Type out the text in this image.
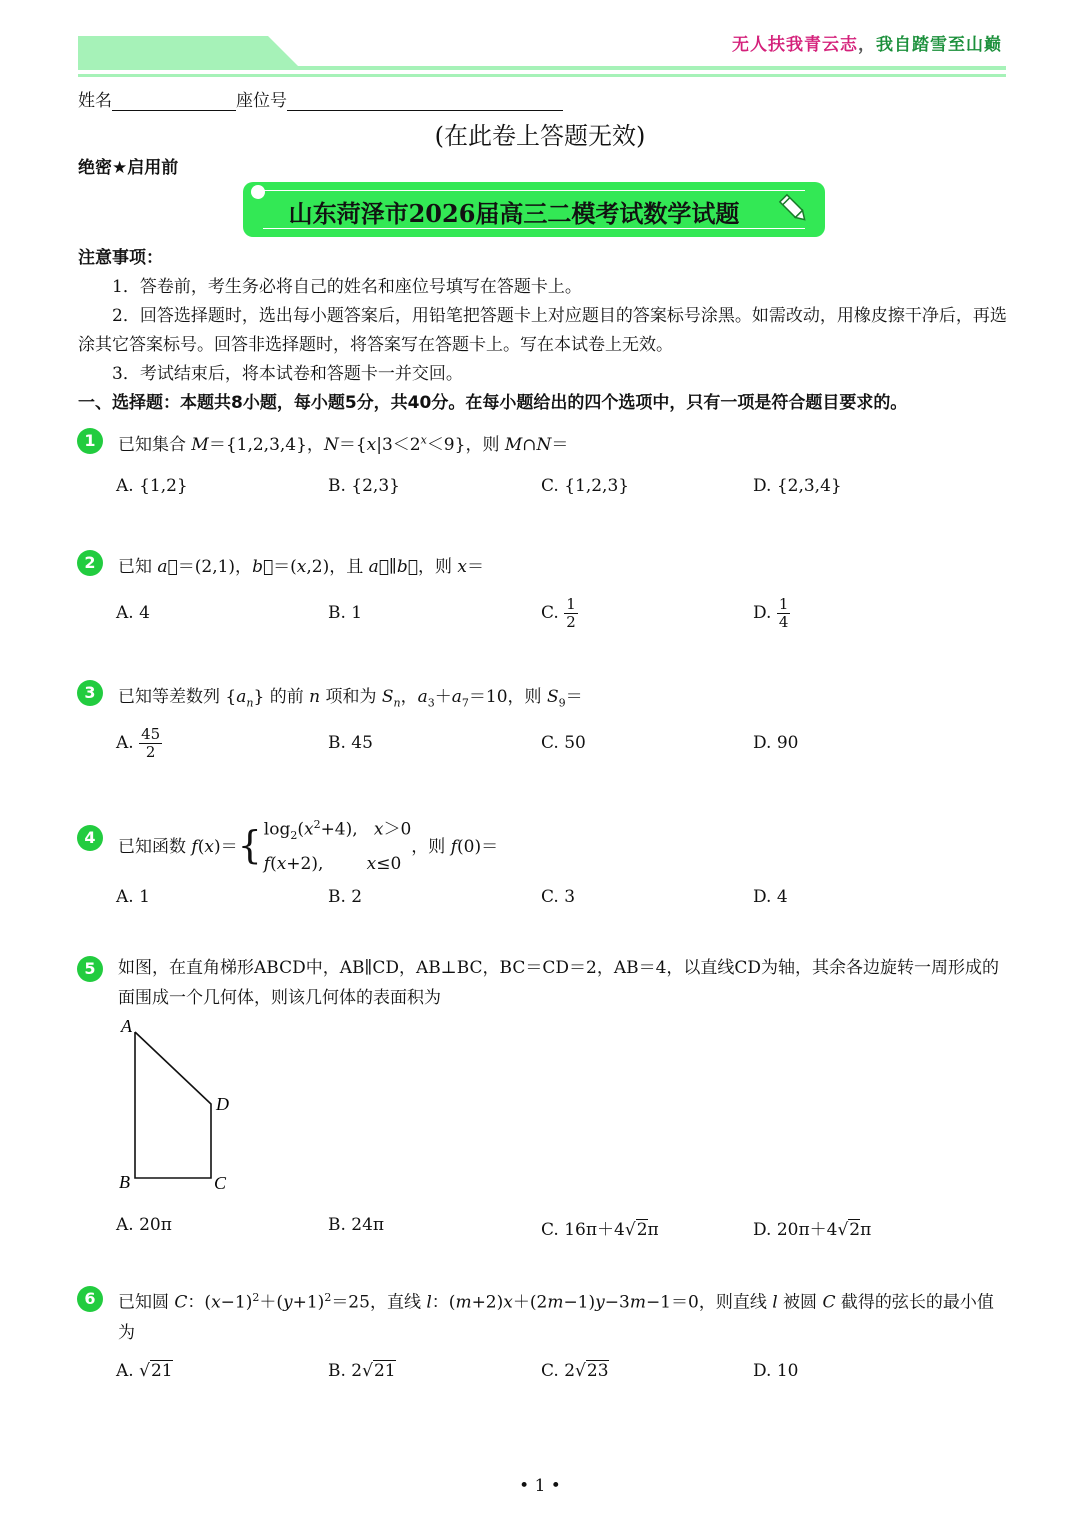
无人扶我青云志，我自踏雪至山巅
姓名	座位号
(在此卷上答题无效)
绝密★启用前
山东菏泽市2026届高三二模考试数学试题
注意事项：
1．答卷前，考生务必将自己的姓名和座位号填写在答题卡上。
2．回答选择题时，选出每小题答案后，用铅笔把答题卡上对应题目的答案标号涂黑。如需改动，用橡皮擦干净后，再选涂其它答案标号。回答非选择题时，将答案写在答题卡上。写在本试卷上无效。
3．考试结束后，将本试卷和答题卡一并交回。
一、选择题：本题共8小题，每小题5分，共40分。在每小题给出的四个选项中，只有一项是符合题目要求的。
1	已知集合 M＝{1,2,3,4}，$N=\{x|3<2^x<9\}$，则 M∩N＝
A. {1,2}	B. {2,3}	C. {1,2,3}	D. {2,3,4}
2	已知 a⃗＝(2,1)，b⃗＝(x,2)，且 a⃗∥b⃗，则 x＝
A. 4	B. 1	C. $\frac{1}{2}$	D. $\frac{1}{4}$
3	已知等差数列 $\{a_n\}$ 的前 n 项和为 $S_n$，$a_3+a_7=10$，则 $S_9=$
A. $\frac{45}{2}$	B. 45	C. 50	D. 90
4	已知函数 f(x)＝{ $\log_2(x^2+4)$,   x＞0
f(x+2),        x≤0，则 f(0)＝
A. 1	B. 2	C. 3	D. 4
5	如图，在直角梯形ABCD中，AB∥CD，AB⊥BC，BC＝CD＝2，AB＝4，以直线CD为轴，其余各边旋转一周形成的面围成一个几何体，则该几何体的表面积为
A
D
B	C
A. 20π	B. 24π	C. 16π＋4√2π	D. 20π＋4√2π
6	已知圆 C：$(x-1)^2+(y+1)^2=25$，直线 l：(m+2)x＋(2m−1)y−3m−1＝0，则直线 l 被圆 C 截得的弦长的最小值为
A. √21	B. 2√21	C. 2√23	D. 10
• 1 •
